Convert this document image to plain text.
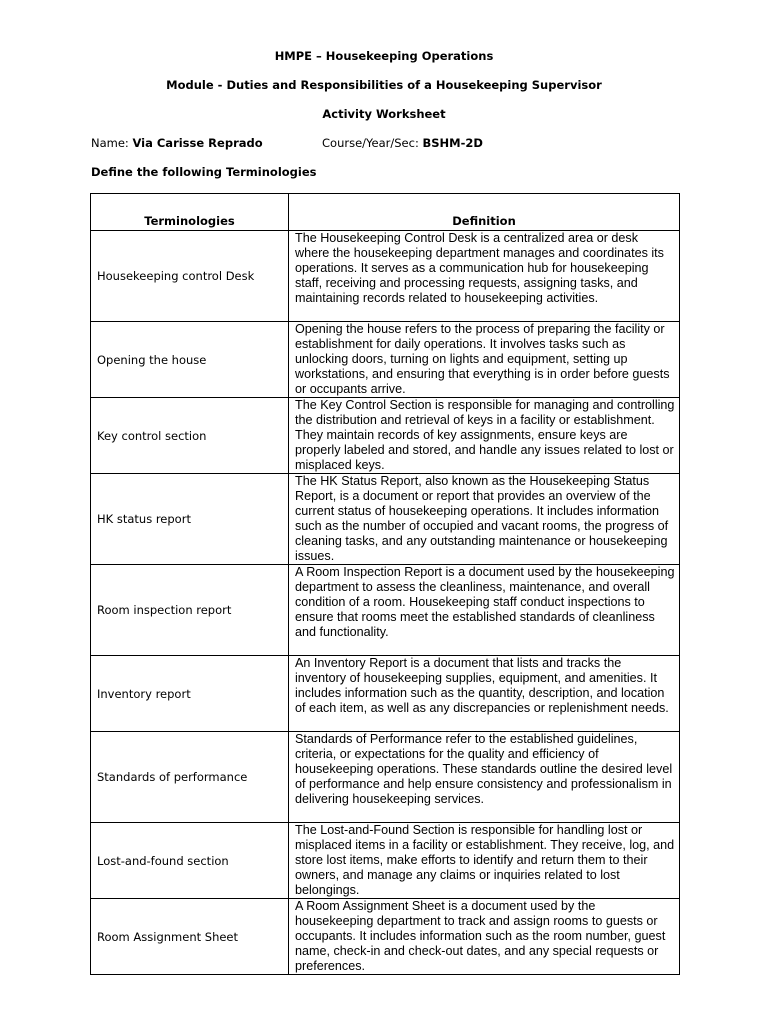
HMPE – Housekeeping Operations
Module - Duties and Responsibilities of a Housekeeping Supervisor
Activity Worksheet
Name: Via Carisse Reprado	Course/Year/Sec: BSHM-2D
Define the following Terminologies
Terminologies	Definition
Housekeeping control Desk	The Housekeeping Control Desk is a centralized area or desk where the housekeeping department manages and coordinates its operations. It serves as a communication hub for housekeeping staff, receiving and processing requests, assigning tasks, and maintaining records related to housekeeping activities.
Opening the house	Opening the house refers to the process of preparing the facility or establishment for daily operations. It involves tasks such as unlocking doors, turning on lights and equipment, setting up workstations, and ensuring that everything is in order before guests or occupants arrive.
Key control section	The Key Control Section is responsible for managing and controlling the distribution and retrieval of keys in a facility or establishment. They maintain records of key assignments, ensure keys are properly labeled and stored, and handle any issues related to lost or misplaced keys.
HK status report	The HK Status Report, also known as the Housekeeping Status Report, is a document or report that provides an overview of the current status of housekeeping operations. It includes information such as the number of occupied and vacant rooms, the progress of cleaning tasks, and any outstanding maintenance or housekeeping issues.
Room inspection report	A Room Inspection Report is a document used by the housekeeping department to assess the cleanliness, maintenance, and overall condition of a room. Housekeeping staff conduct inspections to ensure that rooms meet the established standards of cleanliness and functionality.
Inventory report	An Inventory Report is a document that lists and tracks the inventory of housekeeping supplies, equipment, and amenities. It includes information such as the quantity, description, and location of each item, as well as any discrepancies or replenishment needs.
Standards of performance	Standards of Performance refer to the established guidelines, criteria, or expectations for the quality and efficiency of housekeeping operations. These standards outline the desired level of performance and help ensure consistency and professionalism in delivering housekeeping services.
Lost-and-found section	The Lost-and-Found Section is responsible for handling lost or misplaced items in a facility or establishment. They receive, log, and store lost items, make efforts to identify and return them to their owners, and manage any claims or inquiries related to lost belongings.
Room Assignment Sheet	A Room Assignment Sheet is a document used by the housekeeping department to track and assign rooms to guests or occupants. It includes information such as the room number, guest name, check-in and check-out dates, and any special requests or preferences.
